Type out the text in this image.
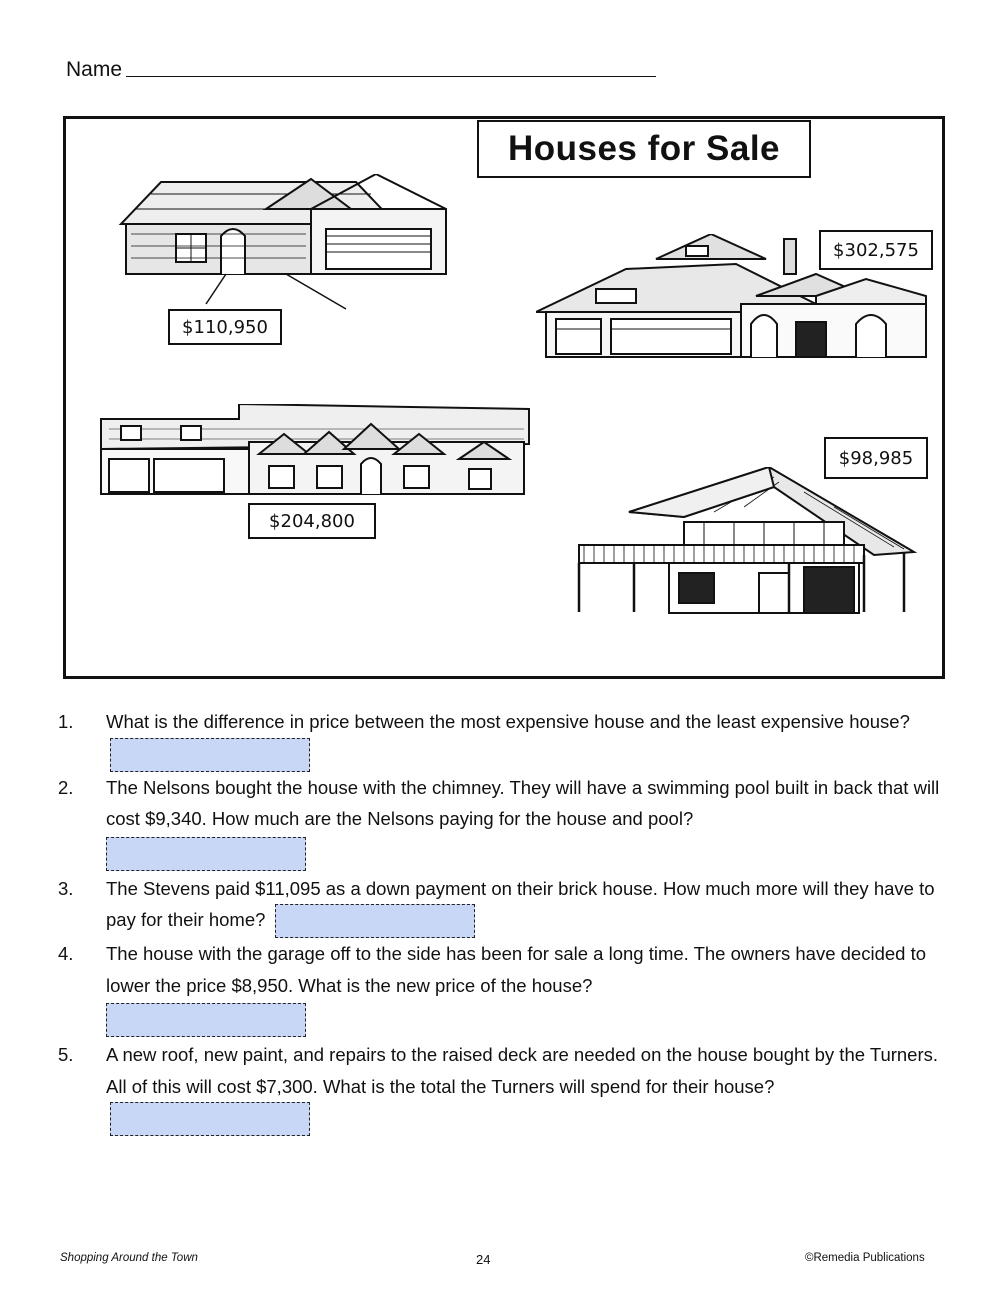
Name
Houses for Sale
$110,950
$302,575
$204,800
$98,985
1.	What is the difference in price between the most expensive house and the least expensive house?
2.	The Nelsons bought the house with the chimney. They will have a swimming pool built in back that will cost $9,340. How much are the Nelsons paying for the house and pool?
3.	The Stevens paid $11,095 as a down payment on their brick house. How much more will they have to pay for their home?
4.	The house with the garage off to the side has been for sale a long time. The owners have decided to lower the price $8,950. What is the new price of the house?
5.	A new roof, new paint, and repairs to the raised deck are needed on the house bought by the Turners. All of this will cost $7,300. What is the total the Turners will spend for their house?
Shopping Around the Town	24	©Remedia Publications
